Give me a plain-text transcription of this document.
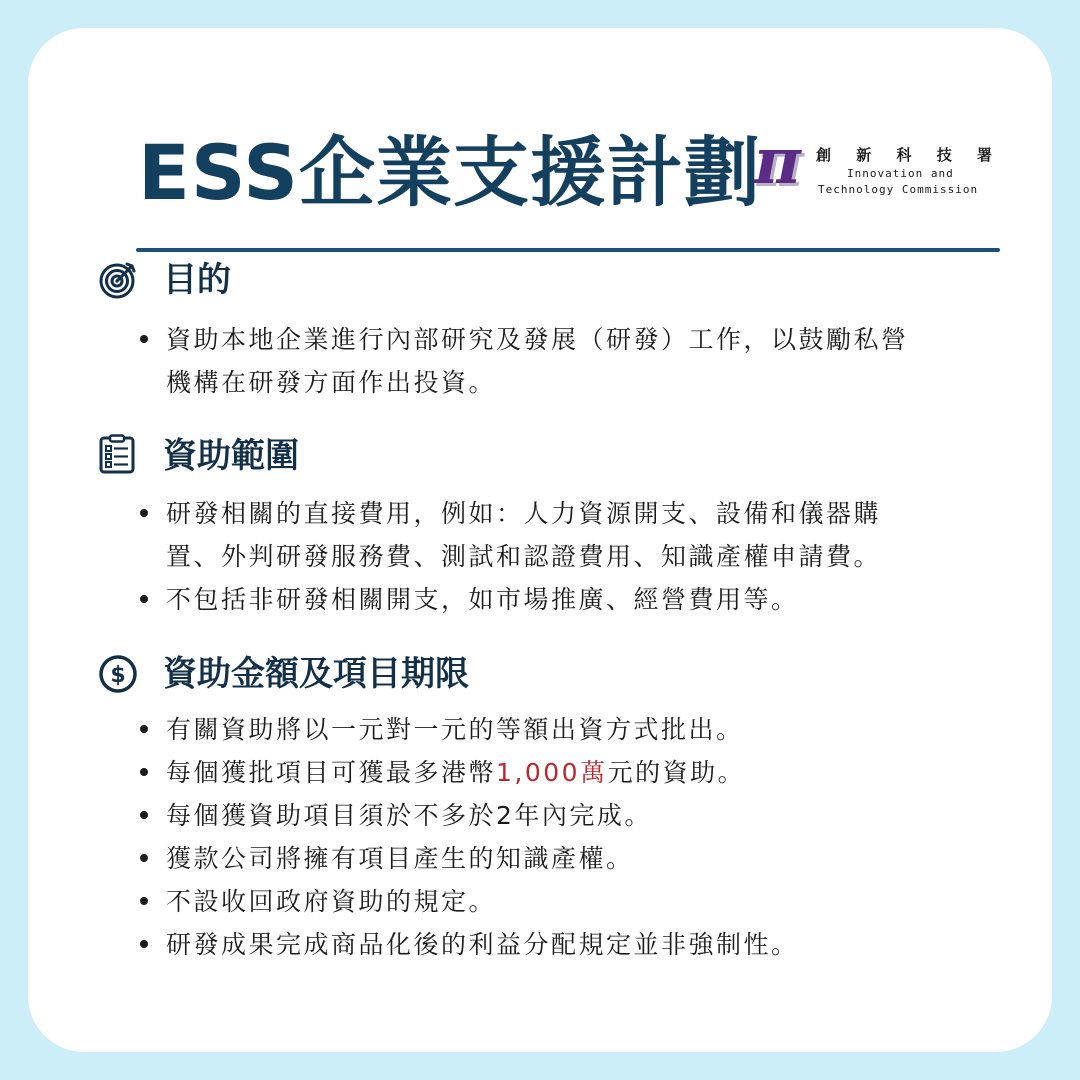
ESS企業支援計劃
π 創 新 科 技 署
Innovation and
Technology Commission
目的
資助本地企業進行內部研究及發展（研發）工作，以鼓勵私營
機構在研發方面作出投資。
資助範圍
研發相關的直接費用，例如：人力資源開支、設備和儀器購
置、外判研發服務費、測試和認證費用、知識產權申請費。
不包括非研發相關開支，如市場推廣、經營費用等。
$ 資助金額及項目期限
有關資助將以一元對一元的等額出資方式批出。
每個獲批項目可獲最多港幣1,000萬元的資助。
每個獲資助項目須於不多於2年內完成。
獲款公司將擁有項目產生的知識產權。
不設收回政府資助的規定。
研發成果完成商品化後的利益分配規定並非強制性。
